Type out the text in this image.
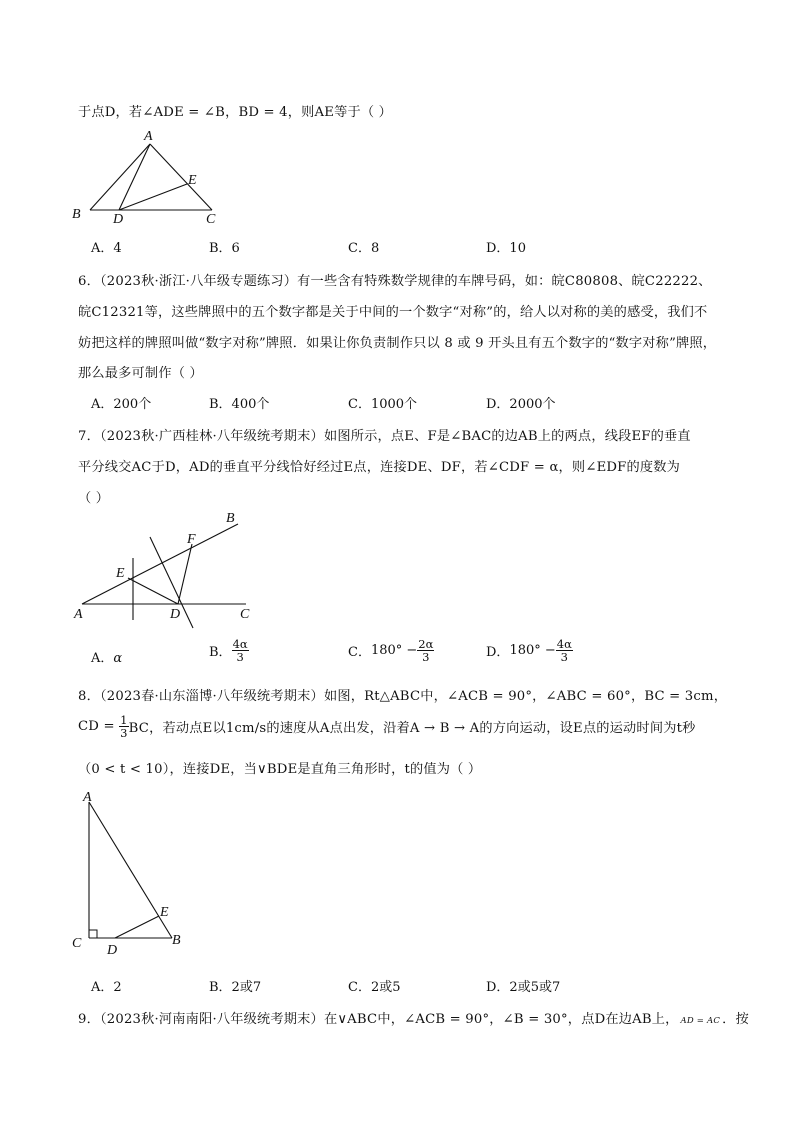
于点D，若∠ADE = ∠B，BD = 4，则AE等于（ ）
A
B	C
D
E
A．4	B．6	C．8	D．10
6．（2023秋·浙江·八年级专题练习）有一些含有特殊数学规律的车牌号码，如：皖C80808、皖C22222、
皖C12321等，这些牌照中的五个数字都是关于中间的一个数字“对称”的，给人以对称的美的感受，我们不
妨把这样的牌照叫做“数字对称”牌照．如果让你负责制作只以 8 或 9 开头且有五个数字的“数字对称”牌照，
那么最多可制作（ ）
A．200个	B．400个	C．1000个	D．2000个
7．（2023秋·广西桂林·八年级统考期末）如图所示，点E、F是∠BAC的边AB上的两点，线段EF的垂直
平分线交AC于D，AD的垂直平分线恰好经过E点，连接DE、DF，若∠CDF = α，则∠EDF的度数为
（ ）
B
F
E
A	D	C
A．α	B． $\frac{4\alpha}{3}$	C．$180^\circ - \frac{2\alpha}{3}$	D．$180^\circ - \frac{4\alpha}{3}$
8．（2023春·山东淄博·八年级统考期末）如图，Rt△ABC中，∠ACB = 90°，∠ABC = 60°，BC = 3cm，
CD = $\frac{1}{3}$ BC，若动点E以1cm/s的速度从A点出发，沿着A → B → A的方向运动，设E点的运动时间为t秒
（0 < t < 10），连接DE，当∨BDE是直角三角形时，t的值为（ ）
A
C D
E
B
A．2	B．2或7	C．2或5	D．2或5或7
9．（2023秋·河南南阳·八年级统考期末）在∨ABC中，∠ACB = 90°，∠B = 30°，点D在边AB上， AD = AC ．按
